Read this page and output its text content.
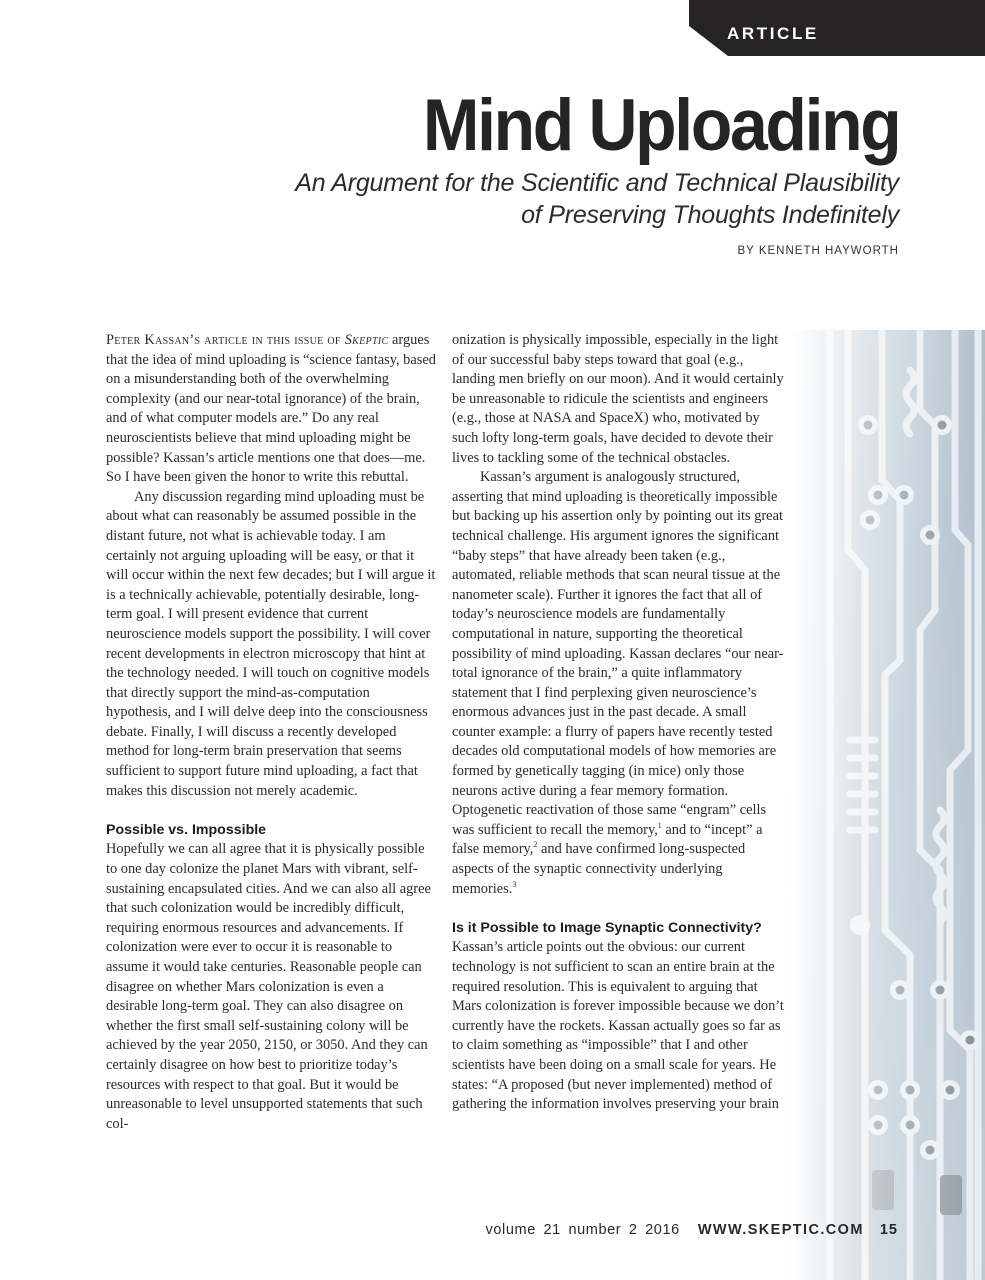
ARTICLE
Mind Uploading
An Argument for the Scientific and Technical Plausibility
of Preserving Thoughts Indefinitely
BY KENNETH HAYWORTH

Peter Kassan’s article in this issue of Skeptic argues that the idea of mind uploading is “science fantasy, based on a misunderstanding both of the overwhelming complexity (and our near-total ignorance) of the brain, and of what computer models are.” Do any real neuroscientists believe that mind uploading might be possible? Kassan’s article mentions one that does—me. So I have been given the honor to write this rebuttal.

Any discussion regarding mind uploading must be about what can reasonably be assumed possible in the distant future, not what is achievable today. I am certainly not arguing uploading will be easy, or that it will occur within the next few decades; but I will argue it is a technically achievable, potentially desirable, long-term goal. I will present evidence that current neuroscience models support the possibility. I will cover recent developments in electron microscopy that hint at the technology needed. I will touch on cognitive models that directly support the mind-as-computation hypothesis, and I will delve deep into the consciousness debate. Finally, I will discuss a recently developed method for long-term brain preservation that seems sufficient to support future mind uploading, a fact that makes this discussion not merely academic.

Possible vs. Impossible

Hopefully we can all agree that it is physically possible to one day colonize the planet Mars with vibrant, self-sustaining encapsulated cities. And we can also all agree that such colonization would be incredibly difficult, requiring enormous resources and advancements. If colonization were ever to occur it is reasonable to assume it would take centuries. Reasonable people can disagree on whether Mars colonization is even a desirable long-term goal. They can also disagree on whether the first small self-sustaining colony will be achieved by the year 2050, 2150, or 3050. And they can certainly disagree on how best to prioritize today’s resources with respect to that goal. But it would be unreasonable to level unsupported statements that such col-

onization is physically impossible, especially in the light of our successful baby steps toward that goal (e.g., landing men briefly on our moon). And it would certainly be unreasonable to ridicule the scientists and engineers (e.g., those at NASA and SpaceX) who, motivated by such lofty long-term goals, have decided to devote their lives to tackling some of the technical obstacles.

Kassan’s argument is analogously structured, asserting that mind uploading is theoretically impossible but backing up his assertion only by pointing out its great technical challenge. His argument ignores the significant “baby steps” that have already been taken (e.g., automated, reliable methods that scan neural tissue at the nanometer scale). Further it ignores the fact that all of today’s neuroscience models are fundamentally computational in nature, supporting the theoretical possibility of mind uploading. Kassan declares “our near-total ignorance of the brain,” a quite inflammatory statement that I find perplexing given neuroscience’s enormous advances just in the past decade. A small counter example: a flurry of papers have recently tested decades old computational models of how memories are formed by genetically tagging (in mice) only those neurons active during a fear memory formation. Optogenetic reactivation of those same “engram” cells was sufficient to recall the memory,$^1$ and to “incept” a false memory,$^2$ and have confirmed long-suspected aspects of the synaptic connectivity underlying memories.$^3$

Is it Possible to Image Synaptic Connectivity?

Kassan’s article points out the obvious: our current technology is not sufficient to scan an entire brain at the required resolution. This is equivalent to arguing that Mars colonization is forever impossible because we don’t currently have the rockets. Kassan actually goes so far as to claim something as “impossible” that I and other scientists have been doing on a small scale for years. He states: “A proposed (but never implemented) method of gathering the information involves preserving your brain

volume 21 number 2 2016 WWW.SKEPTIC.COM 15
